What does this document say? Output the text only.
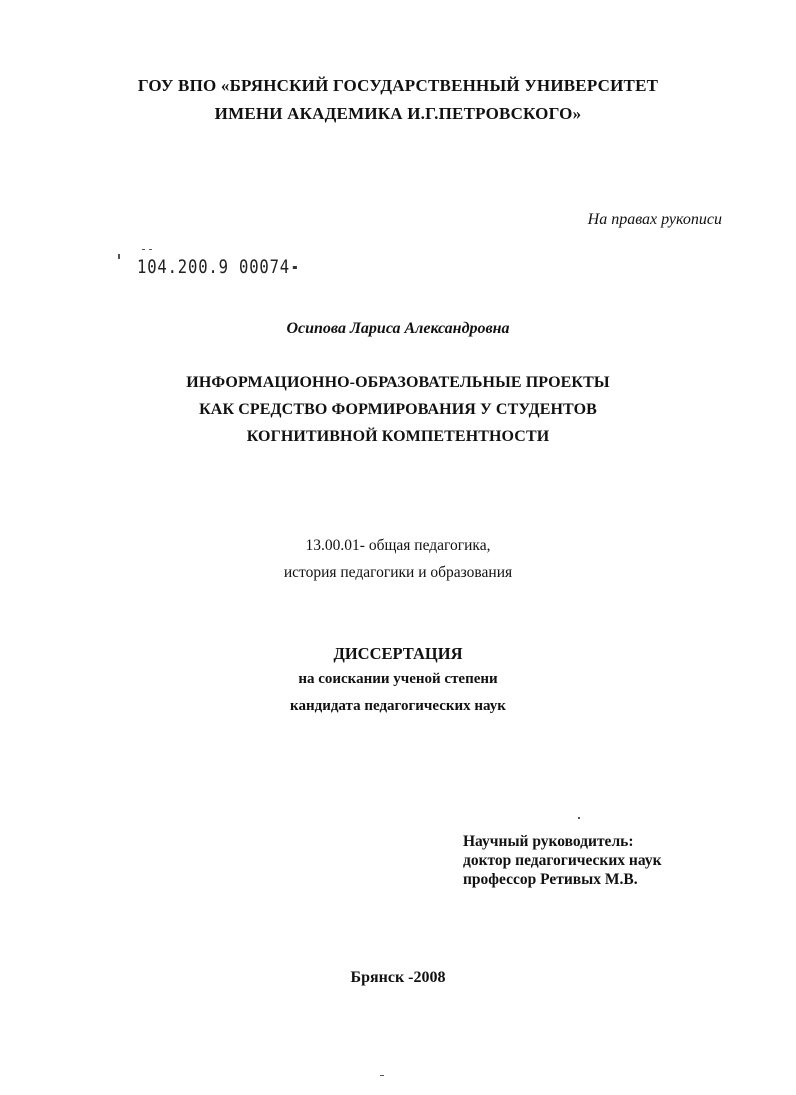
ГОУ ВПО «БРЯНСКИЙ ГОСУДАРСТВЕННЫЙ УНИВЕРСИТЕТ
ИМЕНИ АКАДЕМИКА И.Г.ПЕТРОВСКОГО»
На правах рукописи
104.200.9 00074
Осипова Лариса Александровна
ИНФОРМАЦИОННО-ОБРАЗОВАТЕЛЬНЫЕ ПРОЕКТЫ
КАК СРЕДСТВО ФОРМИРОВАНИЯ У СТУДЕНТОВ
КОГНИТИВНОЙ КОМПЕТЕНТНОСТИ
13.00.01- общая педагогика,
история педагогики и образования
ДИССЕРТАЦИЯ
на соискании ученой степени
кандидата педагогических наук
Научный руководитель:
доктор педагогических наук
профессор Ретивых М.В.
Брянск -2008
